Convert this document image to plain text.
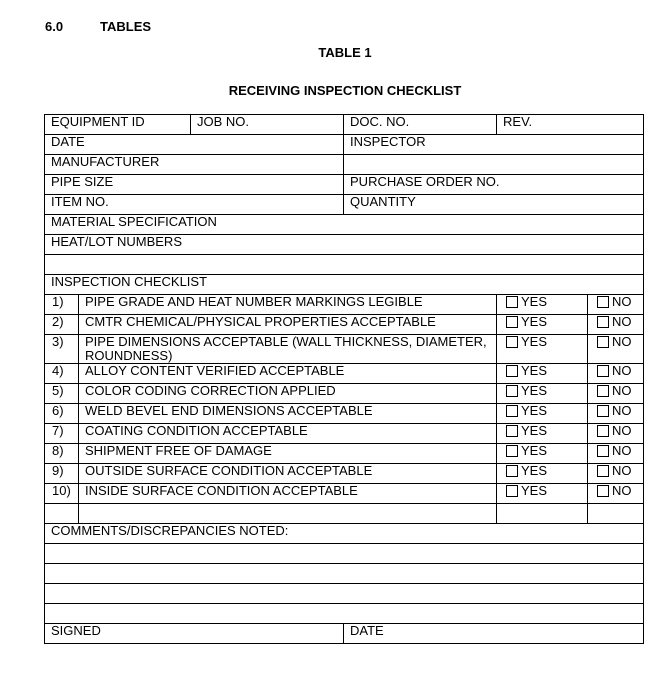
6.0	TABLES
TABLE 1
RECEIVING INSPECTION CHECKLIST
EQUIPMENT ID		JOB NO.	DOC. NO.	REV.	
DATE			INSPECTOR		
MANUFACTURER					
PIPE SIZE			PURCHASE ORDER NO.		
ITEM NO.			QUANTITY		
MATERIAL SPECIFICATION					
HEAT/LOT NUMBERS					

INSPECTION CHECKLIST					
1)	PIPE GRADE AND HEAT NUMBER MARKINGS LEGIBLE			YES	NO
2)	CMTR CHEMICAL/PHYSICAL PROPERTIES ACCEPTABLE			YES	NO
3)	PIPE DIMENSIONS ACCEPTABLE (WALL THICKNESS, DIAMETER, ROUNDNESS)			YES	NO
4)	ALLOY CONTENT VERIFIED ACCEPTABLE			YES	NO
5)	COLOR CODING CORRECTION APPLIED			YES	NO
6)	WELD BEVEL END DIMENSIONS ACCEPTABLE			YES	NO
7)	COATING CONDITION ACCEPTABLE			YES	NO
8)	SHIPMENT FREE OF DAMAGE			YES	NO
9)	OUTSIDE SURFACE CONDITION ACCEPTABLE			YES	NO
10)	INSIDE SURFACE CONDITION ACCEPTABLE			YES	NO

COMMENTS/DISCREPANCIES NOTED:					

SIGNED			DATE		
